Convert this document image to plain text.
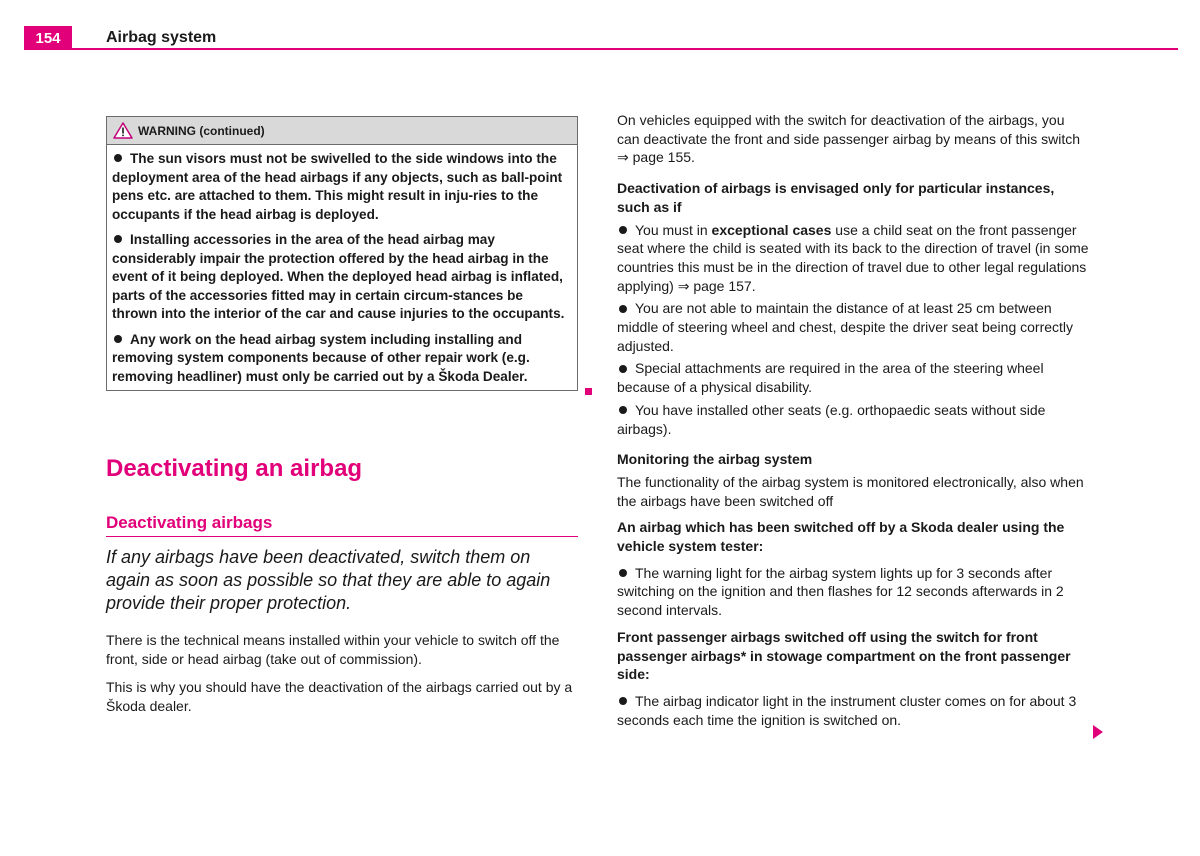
154	Airbag system
WARNING (continued)

The sun visors must not be swivelled to the side windows into the deployment area of the head airbags if any objects, such as ball-point pens etc. are attached to them. This might result in inju-ries to the occupants if the head airbag is deployed.

Installing accessories in the area of the head airbag may considerably impair the protection offered by the head airbag in the event of it being deployed. When the deployed head airbag is inflated, parts of the accessories fitted may in certain circum-stances be thrown into the interior of the car and cause injuries to the occupants.

Any work on the head airbag system including installing and removing system components because of other repair work (e.g. removing headliner) must only be carried out by a Škoda Dealer.

Deactivating an airbag
Deactivating airbags

If any airbags have been deactivated, switch them on again as soon as possible so that they are able to again provide their proper protection.

There is the technical means installed within your vehicle to switch off the front, side or head airbag (take out of commission).

This is why you should have the deactivation of the airbags carried out by a Škoda dealer.

On vehicles equipped with the switch for deactivation of the airbags, you can deactivate the front and side passenger airbag by means of this switch ⇒ page 155.

Deactivation of airbags is envisaged only for particular instances, such as if

You must in exceptional cases use a child seat on the front passenger seat where the child is seated with its back to the direction of travel (in some countries this must be in the direction of travel due to other legal regulations applying) ⇒ page 157.

You are not able to maintain the distance of at least 25 cm between middle of steering wheel and chest, despite the driver seat being correctly adjusted.

Special attachments are required in the area of the steering wheel because of a physical disability.

You have installed other seats (e.g. orthopaedic seats without side airbags).

Monitoring the airbag system

The functionality of the airbag system is monitored electronically, also when the airbags have been switched off

An airbag which has been switched off by a Skoda dealer using the vehicle system tester:

The warning light for the airbag system lights up for 3 seconds after switching on the ignition and then flashes for 12 seconds afterwards in 2 second intervals.

Front passenger airbags switched off using the switch for front passenger airbags* in stowage compartment on the front passenger side:

The airbag indicator light in the instrument cluster comes on for about 3 seconds each time the ignition is switched on.
